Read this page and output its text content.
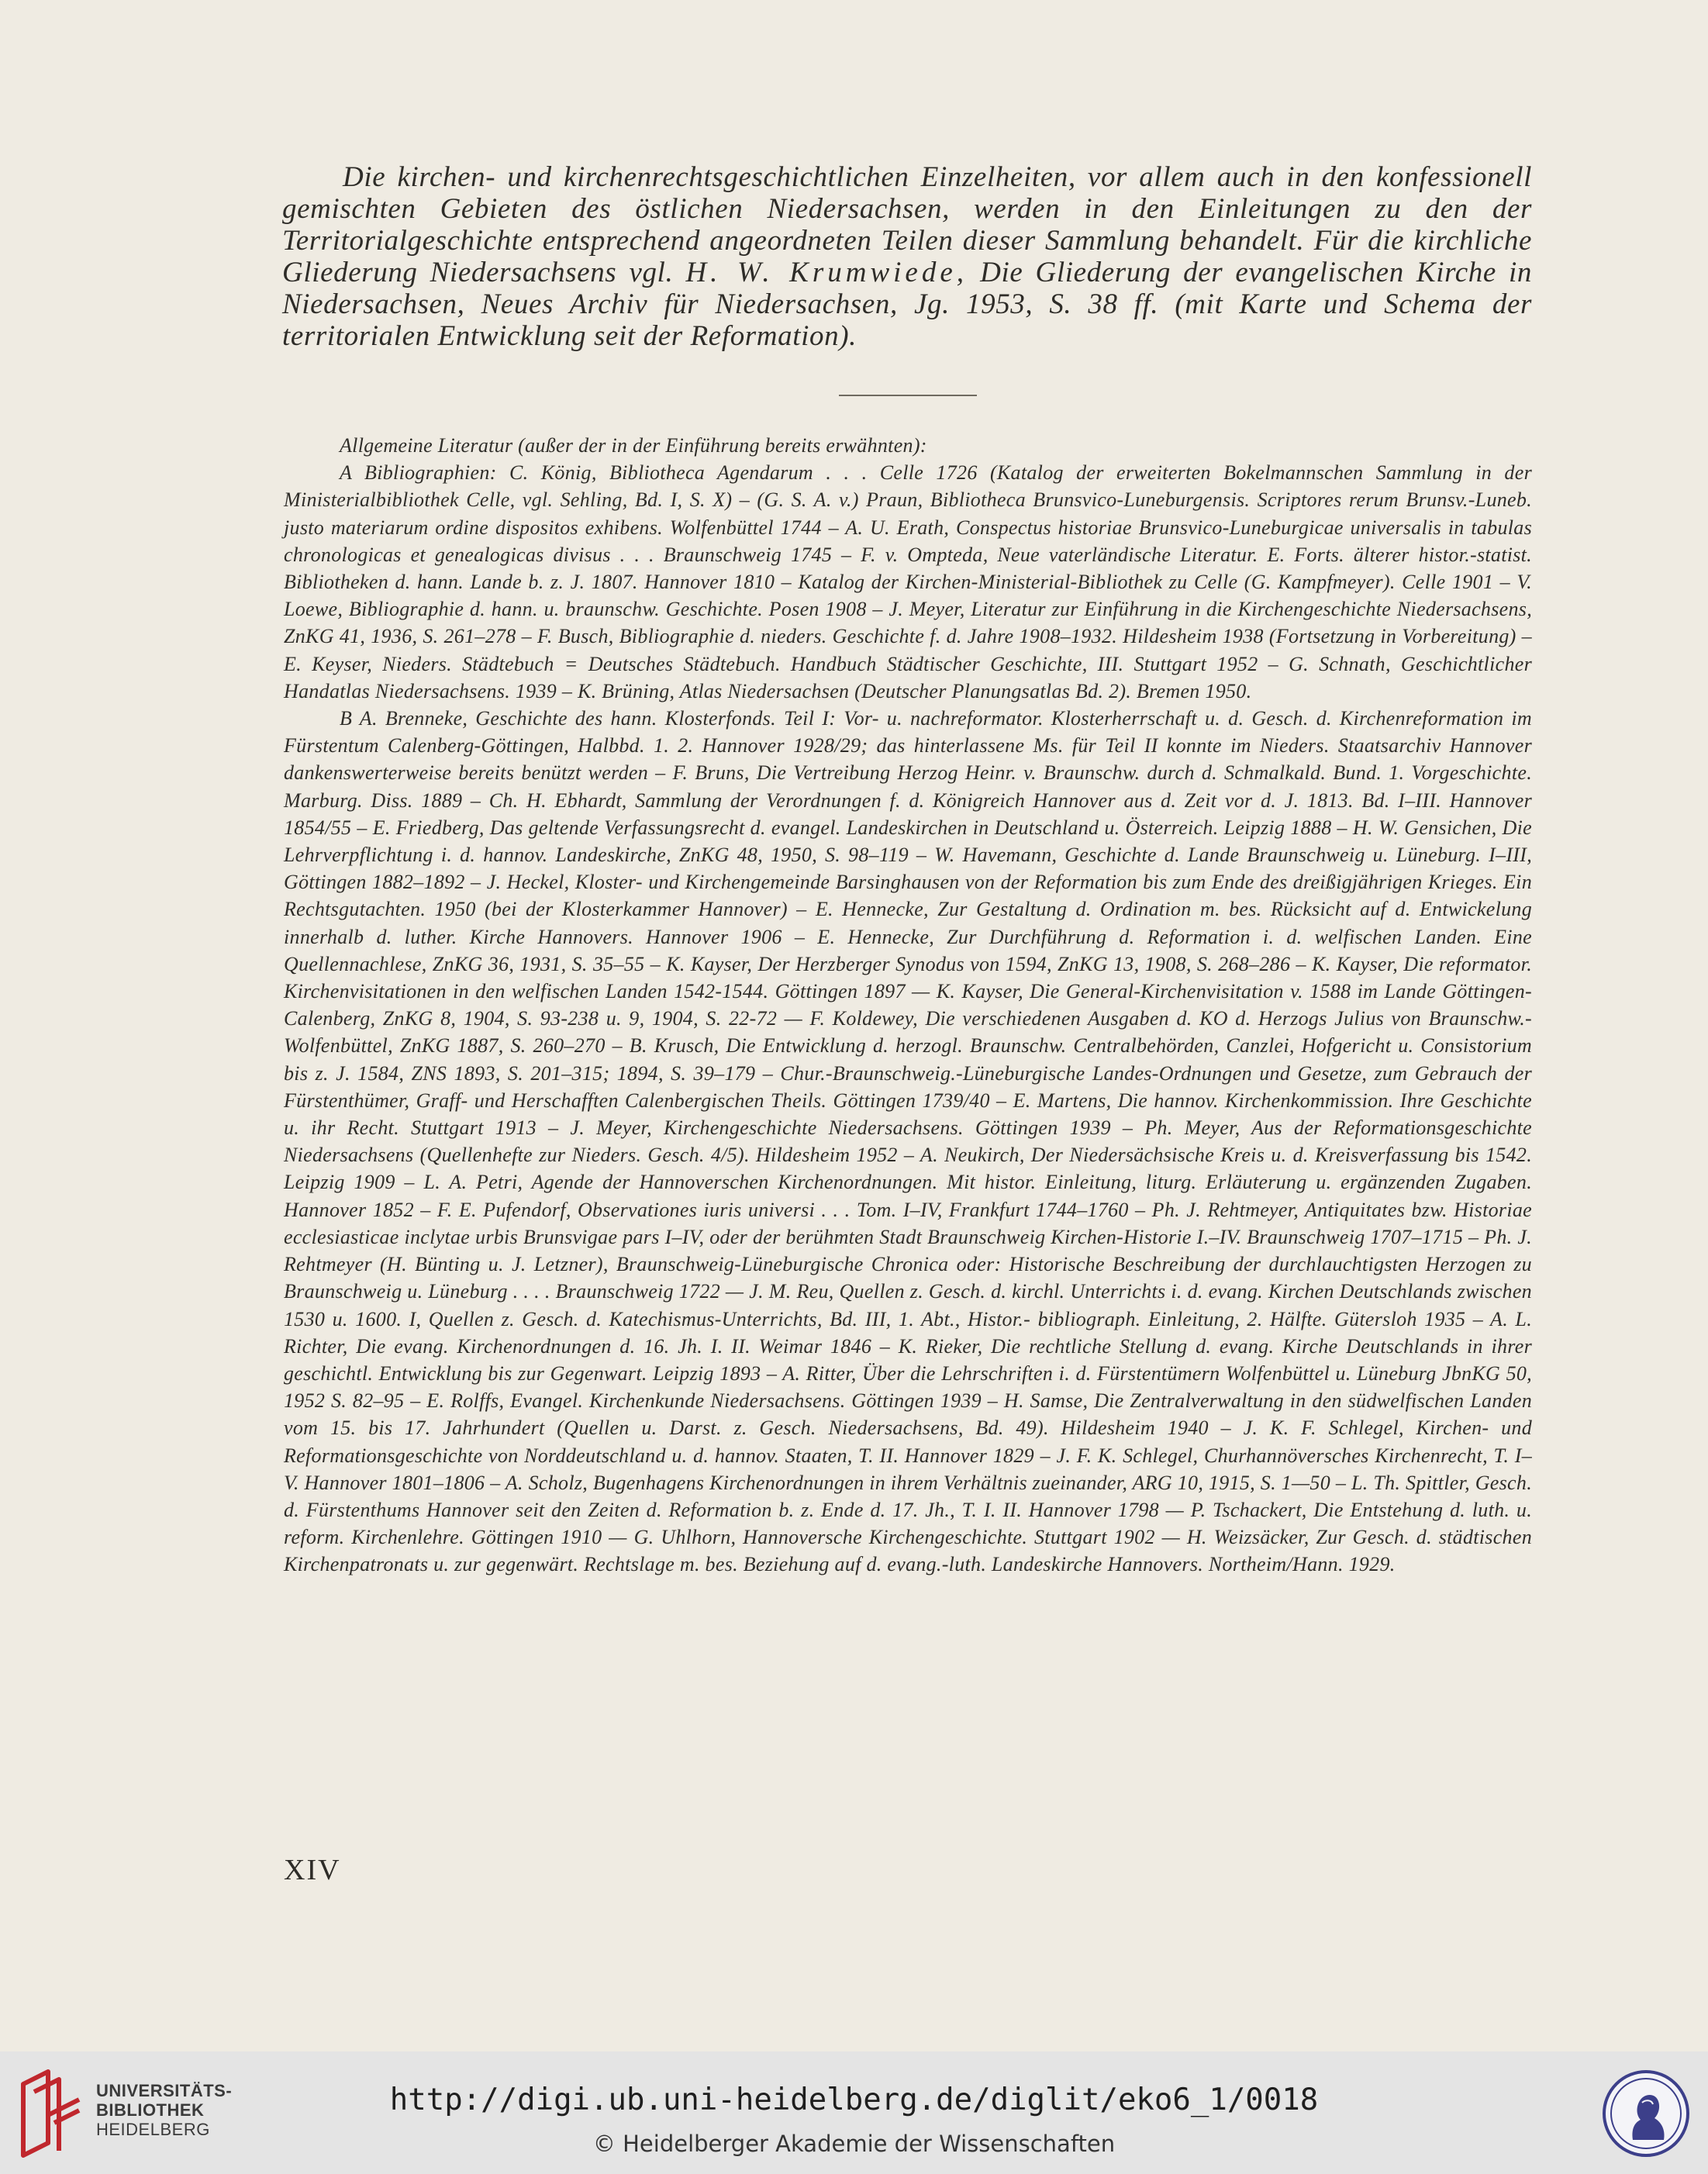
Die kirchen- und kirchenrechtsgeschichtlichen Einzelheiten, vor allem auch in den konfessionell gemischten Gebieten des östlichen Niedersachsen, werden in den Einleitungen zu den der Territorialgeschichte entsprechend angeordneten Teilen dieser Sammlung behandelt. Für die kirchliche Gliederung Niedersachsens vgl. H. W. Krumwiede, Die Gliederung der evangelischen Kirche in Niedersachsen, Neues Archiv für Niedersachsen, Jg. 1953, S. 38 ff. (mit Karte und Schema der territorialen Entwicklung seit der Reformation).

Allgemeine Literatur (außer der in der Einführung bereits erwähnten):

A Bibliographien: C. König, Bibliotheca Agendarum . . . Celle 1726 (Katalog der erweiterten Bokelmannschen Sammlung in der Ministerialbibliothek Celle, vgl. Sehling, Bd. I, S. X) – (G. S. A. v.) Praun, Bibliotheca Brunsvico-Luneburgensis. Scriptores rerum Brunsv.-Luneb. justo materiarum ordine dispositos exhibens. Wolfenbüttel 1744 – A. U. Erath, Conspectus historiae Brunsvico-Luneburgicae universalis in tabulas chronologicas et genealogicas divisus . . . Braunschweig 1745 – F. v. Ompteda, Neue vaterländische Literatur. E. Forts. älterer histor.-statist. Bibliotheken d. hann. Lande b. z. J. 1807. Hannover 1810 – Katalog der Kirchen-Ministerial-Bibliothek zu Celle (G. Kampfmeyer). Celle 1901 – V. Loewe, Bibliographie d. hann. u. braunschw. Geschichte. Posen 1908 – J. Meyer, Literatur zur Einführung in die Kirchengeschichte Niedersachsens, ZnKG 41, 1936, S. 261–278 – F. Busch, Bibliographie d. nieders. Geschichte f. d. Jahre 1908–1932. Hildesheim 1938 (Fortsetzung in Vorbereitung) – E. Keyser, Nieders. Städtebuch = Deutsches Städtebuch. Handbuch Städtischer Geschichte, III. Stuttgart 1952 – G. Schnath, Geschichtlicher Handatlas Niedersachsens. 1939 – K. Brüning, Atlas Niedersachsen (Deutscher Planungsatlas Bd. 2). Bremen 1950.

B A. Brenneke, Geschichte des hann. Klosterfonds. Teil I: Vor- u. nachreformator. Klosterherrschaft u. d. Gesch. d. Kirchenreformation im Fürstentum Calenberg-Göttingen, Halbbd. 1. 2. Hannover 1928/29; das hinterlassene Ms. für Teil II konnte im Nieders. Staatsarchiv Hannover dankenswerterweise bereits benützt werden – F. Bruns, Die Vertreibung Herzog Heinr. v. Braunschw. durch d. Schmalkald. Bund. 1. Vorgeschichte. Marburg. Diss. 1889 – Ch. H. Ebhardt, Sammlung der Verordnungen f. d. Königreich Hannover aus d. Zeit vor d. J. 1813. Bd. I–III. Hannover 1854/55 – E. Friedberg, Das geltende Verfassungsrecht d. evangel. Landeskirchen in Deutschland u. Österreich. Leipzig 1888 – H. W. Gensichen, Die Lehrverpflichtung i. d. hannov. Landeskirche, ZnKG 48, 1950, S. 98–119 – W. Havemann, Geschichte d. Lande Braunschweig u. Lüneburg. I–III, Göttingen 1882–1892 – J. Heckel, Kloster- und Kirchengemeinde Barsinghausen von der Reformation bis zum Ende des dreißigjährigen Krieges. Ein Rechtsgutachten. 1950 (bei der Klosterkammer Hannover) – E. Hennecke, Zur Gestaltung d. Ordination m. bes. Rücksicht auf d. Entwickelung innerhalb d. luther. Kirche Hannovers. Hannover 1906 – E. Hennecke, Zur Durchführung d. Reformation i. d. welfischen Landen. Eine Quellennachlese, ZnKG 36, 1931, S. 35–55 – K. Kayser, Der Herzberger Synodus von 1594, ZnKG 13, 1908, S. 268–286 – K. Kayser, Die reformator. Kirchenvisitationen in den welfischen Landen 1542-1544. Göttingen 1897 — K. Kayser, Die General-Kirchenvisitation v. 1588 im Lande Göttingen-Calenberg, ZnKG 8, 1904, S. 93-238 u. 9, 1904, S. 22-72 — F. Koldewey, Die verschiedenen Ausgaben d. KO d. Herzogs Julius von Braunschw.-Wolfenbüttel, ZnKG 1887, S. 260–270 – B. Krusch, Die Entwicklung d. herzogl. Braunschw. Centralbehörden, Canzlei, Hofgericht u. Consistorium bis z. J. 1584, ZNS 1893, S. 201–315; 1894, S. 39–179 – Chur.-Braunschweig.-Lüneburgische Landes-Ordnungen und Gesetze, zum Gebrauch der Fürstenthümer, Graff- und Herschafften Calenbergischen Theils. Göttingen 1739/40 – E. Martens, Die hannov. Kirchenkommission. Ihre Geschichte u. ihr Recht. Stuttgart 1913 – J. Meyer, Kirchengeschichte Niedersachsens. Göttingen 1939 – Ph. Meyer, Aus der Reformationsgeschichte Niedersachsens (Quellenhefte zur Nieders. Gesch. 4/5). Hildesheim 1952 – A. Neukirch, Der Niedersächsische Kreis u. d. Kreisverfassung bis 1542. Leipzig 1909 – L. A. Petri, Agende der Hannoverschen Kirchenordnungen. Mit histor. Einleitung, liturg. Erläuterung u. ergänzenden Zugaben. Hannover 1852 – F. E. Pufendorf, Observationes iuris universi . . . Tom. I–IV, Frankfurt 1744–1760 – Ph. J. Rehtmeyer, Antiquitates bzw. Historiae ecclesiasticae inclytae urbis Brunsvigae pars I–IV, oder der berühmten Stadt Braunschweig Kirchen-Historie I.–IV. Braunschweig 1707–1715 – Ph. J. Rehtmeyer (H. Bünting u. J. Letzner), Braunschweig-Lüneburgische Chronica oder: Historische Beschreibung der durchlauchtigsten Herzogen zu Braunschweig u. Lüneburg . . . . Braunschweig 1722 — J. M. Reu, Quellen z. Gesch. d. kirchl. Unterrichts i. d. evang. Kirchen Deutschlands zwischen 1530 u. 1600. I, Quellen z. Gesch. d. Katechismus-Unterrichts, Bd. III, 1. Abt., Histor.- bibliograph. Einleitung, 2. Hälfte. Gütersloh 1935 – A. L. Richter, Die evang. Kirchenordnungen d. 16. Jh. I. II. Weimar 1846 – K. Rieker, Die rechtliche Stellung d. evang. Kirche Deutschlands in ihrer geschichtl. Entwicklung bis zur Gegenwart. Leipzig 1893 – A. Ritter, Über die Lehrschriften i. d. Fürstentümern Wolfenbüttel u. Lüneburg JbnKG 50, 1952 S. 82–95 – E. Rolffs, Evangel. Kirchenkunde Niedersachsens. Göttingen 1939 – H. Samse, Die Zentralverwaltung in den südwelfischen Landen vom 15. bis 17. Jahrhundert (Quellen u. Darst. z. Gesch. Niedersachsens, Bd. 49). Hildesheim 1940 – J. K. F. Schlegel, Kirchen- und Reformationsgeschichte von Norddeutschland u. d. hannov. Staaten, T. II. Hannover 1829 – J. F. K. Schlegel, Churhannöversches Kirchenrecht, T. I–V. Hannover 1801–1806 – A. Scholz, Bugenhagens Kirchenordnungen in ihrem Verhältnis zueinander, ARG 10, 1915, S. 1—50 – L. Th. Spittler, Gesch. d. Fürstenthums Hannover seit den Zeiten d. Reformation b. z. Ende d. 17. Jh., T. I. II. Hannover 1798 — P. Tschackert, Die Entstehung d. luth. u. reform. Kirchenlehre. Göttingen 1910 — G. Uhlhorn, Hannoversche Kirchengeschichte. Stuttgart 1902 — H. Weizsäcker, Zur Gesch. d. städtischen Kirchenpatronats u. zur gegenwärt. Rechtslage m. bes. Beziehung auf d. evang.-luth. Landeskirche Hannovers. Northeim/Hann. 1929.

XIV
UNIVERSITÄTS-
BIBLIOTHEK
HEIDELBERG
http://digi.ub.uni-heidelberg.de/diglit/eko6_1/0018
© Heidelberger Akademie der Wissenschaften
